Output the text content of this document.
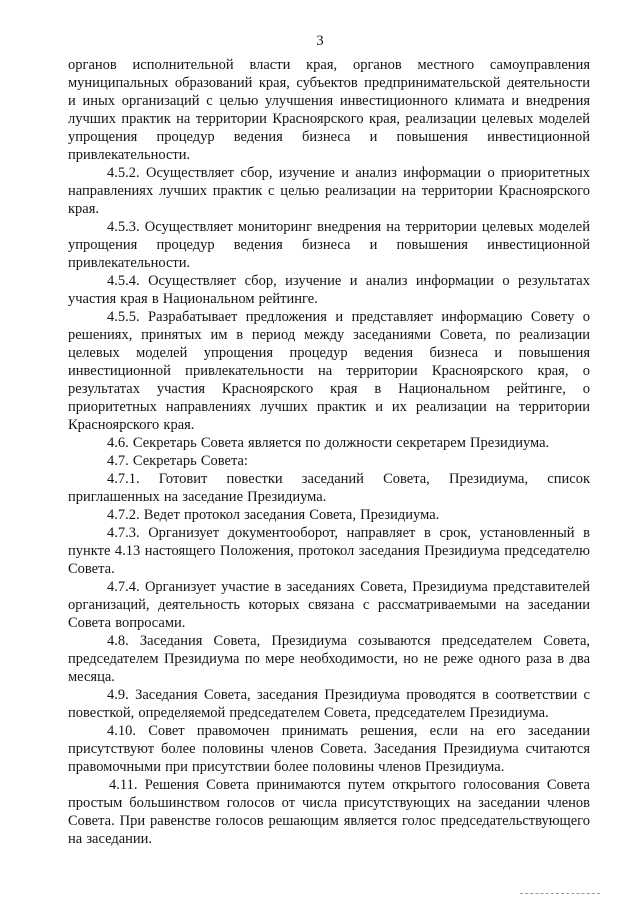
3

органов исполнительной власти края, органов местного самоуправления муниципальных образований края, субъектов предпринимательской деятельности и иных организаций с целью улучшения инвестиционного климата и внедрения лучших практик на территории Красноярского края, реализации целевых моделей упрощения процедур ведения бизнеса и повышения инвестиционной привлекательности.

4.5.2. Осуществляет сбор, изучение и анализ информации о приоритетных направлениях лучших практик с целью реализации на территории Красноярского края.

4.5.3. Осуществляет мониторинг внедрения на территории целевых моделей упрощения процедур ведения бизнеса и повышения инвестиционной привлекательности.

4.5.4. Осуществляет сбор, изучение и анализ информации о результатах участия края в Национальном рейтинге.

4.5.5. Разрабатывает предложения и представляет информацию Совету о решениях, принятых им в период между заседаниями Совета, по реализации целевых моделей упрощения процедур ведения бизнеса и повышения инвестиционной привлекательности на территории Красноярского края, о результатах участия Красноярского края в Национальном рейтинге, о приоритетных направлениях лучших практик и их реализации на территории Красноярского края.

4.6. Секретарь Совета является по должности секретарем Президиума.

4.7. Секретарь Совета:

4.7.1. Готовит повестки заседаний Совета, Президиума, список приглашенных на заседание Президиума.

4.7.2. Ведет протокол заседания Совета, Президиума.

4.7.3. Организует документооборот, направляет в срок, установленный в пункте 4.13 настоящего Положения, протокол заседания Президиума председателю Совета.

4.7.4. Организует участие в заседаниях Совета, Президиума представителей организаций, деятельность которых связана с рассматриваемыми на заседании Совета вопросами.

4.8. Заседания Совета, Президиума созываются председателем Совета, председателем Президиума по мере необходимости, но не реже одного раза в два месяца.

4.9. Заседания Совета, заседания Президиума проводятся в соответствии с повесткой, определяемой председателем Совета, председателем Президиума.

4.10. Совет правомочен принимать решения, если на его заседании присутствуют более половины членов Совета. Заседания Президиума считаются правомочными при присутствии более половины членов Президиума.

4.11. Решения Совета принимаются путем открытого голосования Совета простым большинством голосов от числа присутствующих на заседании членов Совета. При равенстве голосов решающим является голос председательствующего на заседании.
